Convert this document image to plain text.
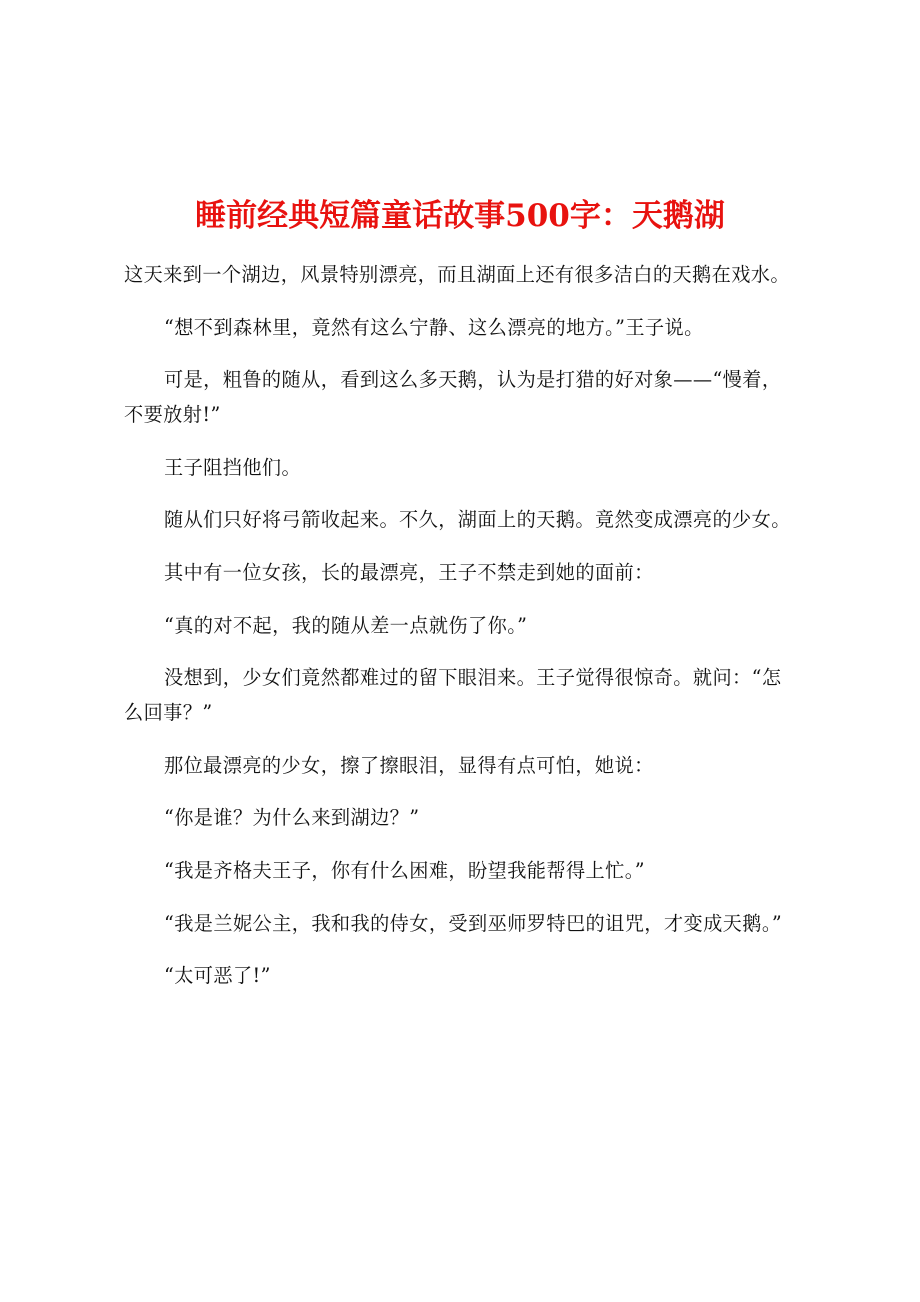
睡前经典短篇童话故事500字：天鹅湖

这天来到一个湖边，风景特别漂亮，而且湖面上还有很多洁白的天鹅在戏水。

“想不到森林里，竟然有这么宁静、这么漂亮的地方。”王子说。

可是，粗鲁的随从，看到这么多天鹅，认为是打猎的好对象——“慢着，不要放射!”

王子阻挡他们。

随从们只好将弓箭收起来。不久，湖面上的天鹅。竟然变成漂亮的少女。

其中有一位女孩，长的最漂亮，王子不禁走到她的面前：

“真的对不起，我的随从差一点就伤了你。”

没想到，少女们竟然都难过的留下眼泪来。王子觉得很惊奇。就问：“怎么回事？”

那位最漂亮的少女，擦了擦眼泪，显得有点可怕，她说：

“你是谁？为什么来到湖边？”

“我是齐格夫王子，你有什么困难，盼望我能帮得上忙。”

“我是兰妮公主，我和我的侍女，受到巫师罗特巴的诅咒，才变成天鹅。”

“太可恶了!”
